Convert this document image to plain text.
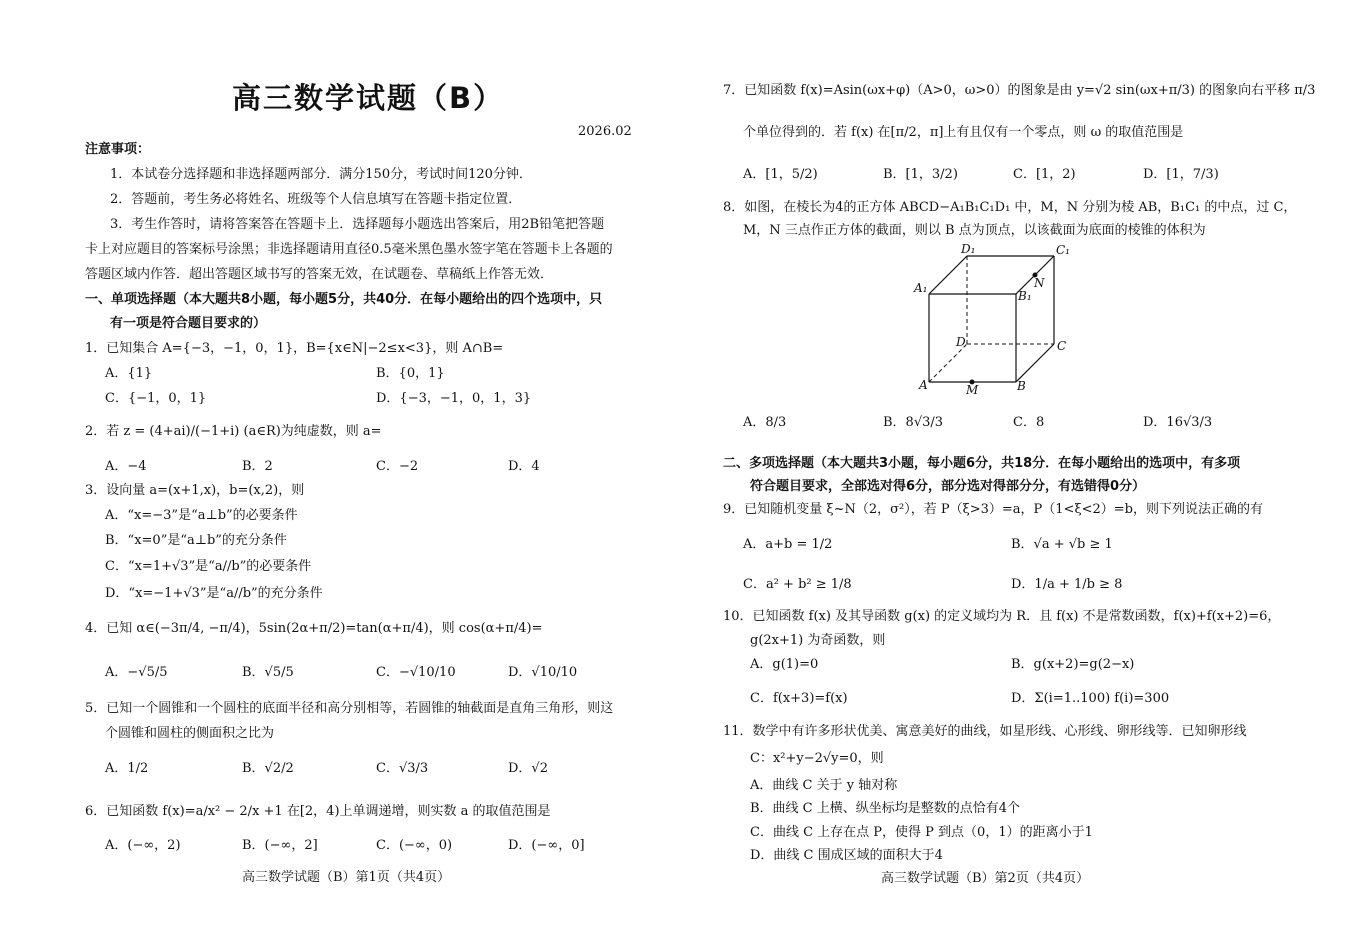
高三数学试题（B）
2026.02
注意事项：
1．本试卷分选择题和非选择题两部分．满分150分，考试时间120分钟．
2．答题前，考生务必将姓名、班级等个人信息填写在答题卡指定位置．
3．考生作答时，请将答案答在答题卡上．选择题每小题选出答案后，用2B铅笔把答题
卡上对应题目的答案标号涂黑；非选择题请用直径0.5毫米黑色墨水签字笔在答题卡上各题的
答题区域内作答．超出答题区域书写的答案无效，在试题卷、草稿纸上作答无效．
一、单项选择题（本大题共8小题，每小题5分，共40分．在每小题给出的四个选项中，只
有一项是符合题目要求的）
1．已知集合 A={−3，−1，0，1}，B={x∈N|−2≤x<3}，则 A∩B=
A．{1}	B．{0，1}
C．{−1，0，1}	D．{−3，−1，0，1，3}
2．若 z = (4+ai)/(−1+i) (a∈R)为纯虚数，则 a=
A．−4	B．2	C．−2	D．4
3．设向量 a=(x+1,x)，b=(x,2)，则
A．“x=−3”是“a⊥b”的必要条件
B．“x=0”是“a⊥b”的充分条件
C．“x=1+√3”是“a//b”的必要条件
D．“x=−1+√3”是“a//b”的充分条件
4．已知 α∈(−3π/4, −π/4)，5sin(2α+π/2)=tan(α+π/4)，则 cos(α+π/4)=
A．−√5/5	B．√5/5	C．−√10/10	D．√10/10
5．已知一个圆锥和一个圆柱的底面半径和高分别相等，若圆锥的轴截面是直角三角形，则这
个圆锥和圆柱的侧面积之比为
A．1/2	B．√2/2	C．√3/3	D．√2
6．已知函数 f(x)=a/x² − 2/x +1 在[2，4)上单调递增，则实数 a 的取值范围是
A．(−∞，2)	B．(−∞，2]	C．(−∞，0)	D．(−∞，0]
高三数学试题（B）第1页（共4页）
7．已知函数 f(x)=Asin(ωx+φ)（A>0，ω>0）的图象是由 y=√2 sin(ωx+π/3) 的图象向右平移 π/3
个单位得到的．若 f(x) 在[π/2，π]上有且仅有一个零点，则 ω 的取值范围是
A．[1，5/2)	B．[1，3/2)	C．[1，2)	D．[1，7/3)
8．如图，在棱长为4的正方体 ABCD−A₁B₁C₁D₁ 中，M，N 分别为棱 AB，B₁C₁ 的中点，过 C，
M，N 三点作正方体的截面，则以 B 点为顶点，以该截面为底面的棱锥的体积为
D₁	C₁
A₁
B₁
N
D	C
A	B
M
A．8/3	B．8√3/3	C．8	D．16√3/3
二、多项选择题（本大题共3小题，每小题6分，共18分．在每小题给出的选项中，有多项
符合题目要求，全部选对得6分，部分选对得部分分，有选错得0分）
9．已知随机变量 ξ~N（2，σ²），若 P（ξ>3）=a，P（1<ξ<2）=b，则下列说法正确的有
A．a+b = 1/2	B．√a + √b ≥ 1
C．a² + b² ≥ 1/8	D．1/a + 1/b ≥ 8
10．已知函数 f(x) 及其导函数 g(x) 的定义域均为 R．且 f(x) 不是常数函数，f(x)+f(x+2)=6，
g(2x+1) 为奇函数，则
A．g(1)=0	B．g(x+2)=g(2−x)
C．f(x+3)=f(x)	D．Σ(i=1..100) f(i)=300
11．数学中有许多形状优美、寓意美好的曲线，如星形线、心形线、卵形线等．已知卵形线
C：x²+y−2√y=0，则
A．曲线 C 关于 y 轴对称
B．曲线 C 上横、纵坐标均是整数的点恰有4个
C．曲线 C 上存在点 P，使得 P 到点（0，1）的距离小于1
D．曲线 C 围成区域的面积大于4
高三数学试题（B）第2页（共4页）
